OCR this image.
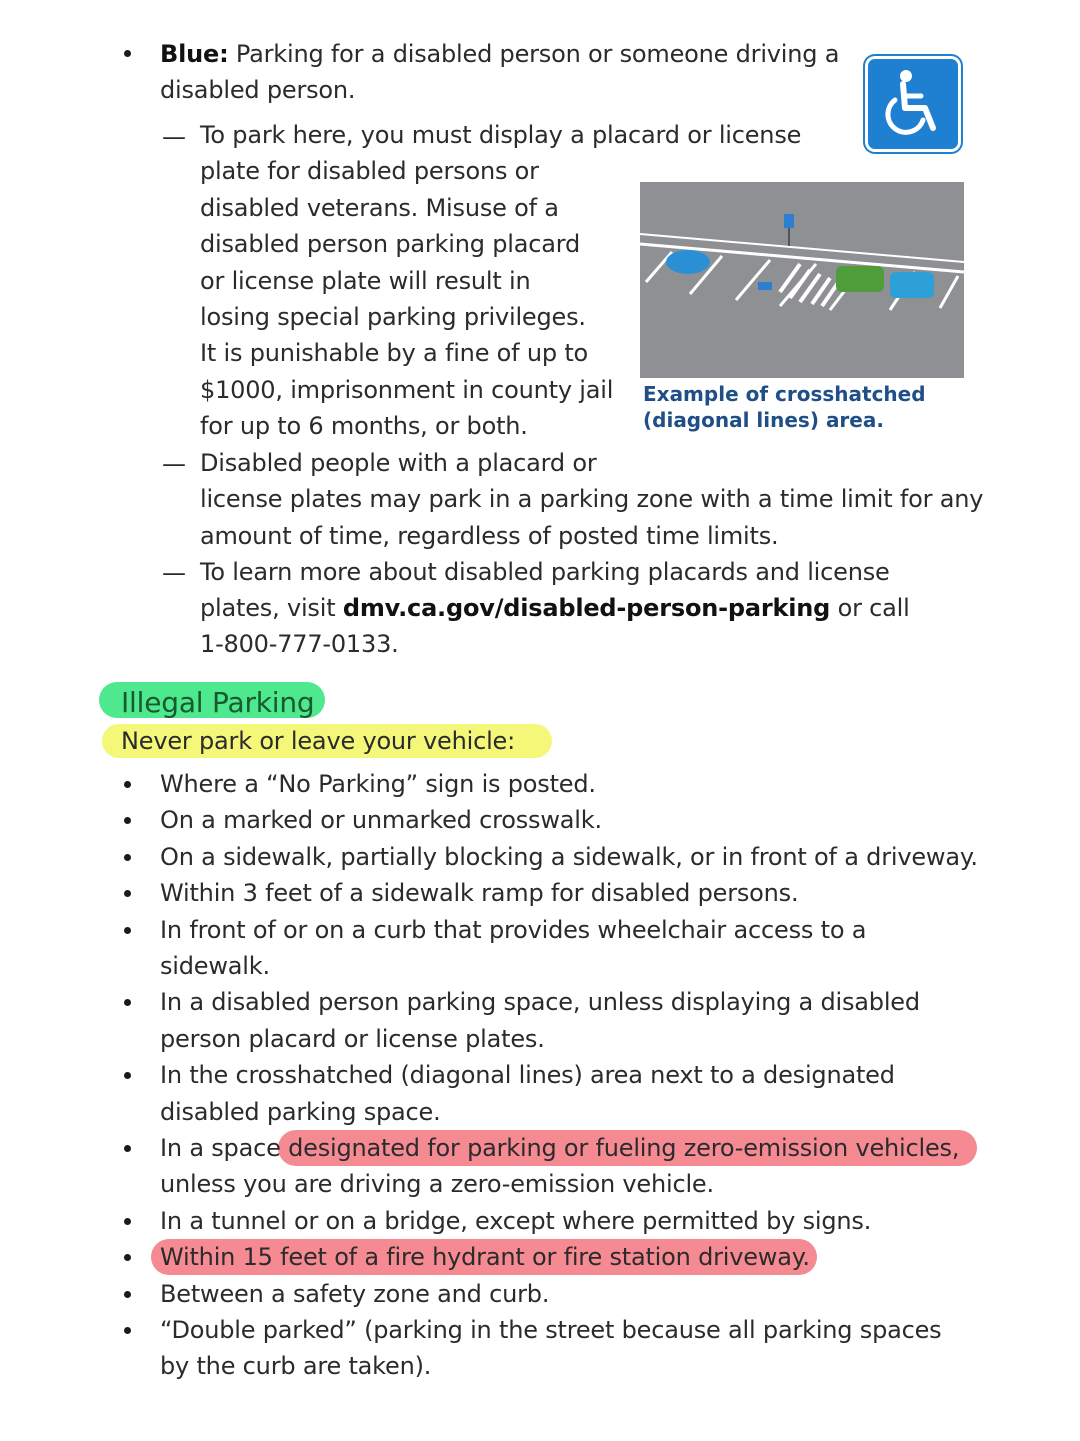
Blue: Parking for a disabled person or someone driving a
disabled person.
— To park here, you must display a placard or license
plate for disabled persons or
disabled veterans. Misuse of a
disabled person parking placard
or license plate will result in
losing special parking privileges.
It is punishable by a fine of up to
$1000, imprisonment in county jail
for up to 6 months, or both.
Example of crosshatched
(diagonal lines) area.
— Disabled people with a placard or
license plates may park in a parking zone with a time limit for any
amount of time, regardless of posted time limits.
— To learn more about disabled parking placards and license
plates, visit dmv.ca.gov/disabled-person-parking or call
1-800-777-0133.
Illegal Parking
Never park or leave your vehicle:
Where a “No Parking” sign is posted.
On a marked or unmarked crosswalk.
On a sidewalk, partially blocking a sidewalk, or in front of a driveway.
Within 3 feet of a sidewalk ramp for disabled persons.
In front of or on a curb that provides wheelchair access to a
sidewalk.
In a disabled person parking space, unless displaying a disabled
person placard or license plates.
In the crosshatched (diagonal lines) area next to a designated
disabled parking space.
In a space designated for parking or fueling zero-emission vehicles,
unless you are driving a zero-emission vehicle.
In a tunnel or on a bridge, except where permitted by signs.
Within 15 feet of a fire hydrant or fire station driveway.
Between a safety zone and curb.
“Double parked” (parking in the street because all parking spaces
by the curb are taken).
